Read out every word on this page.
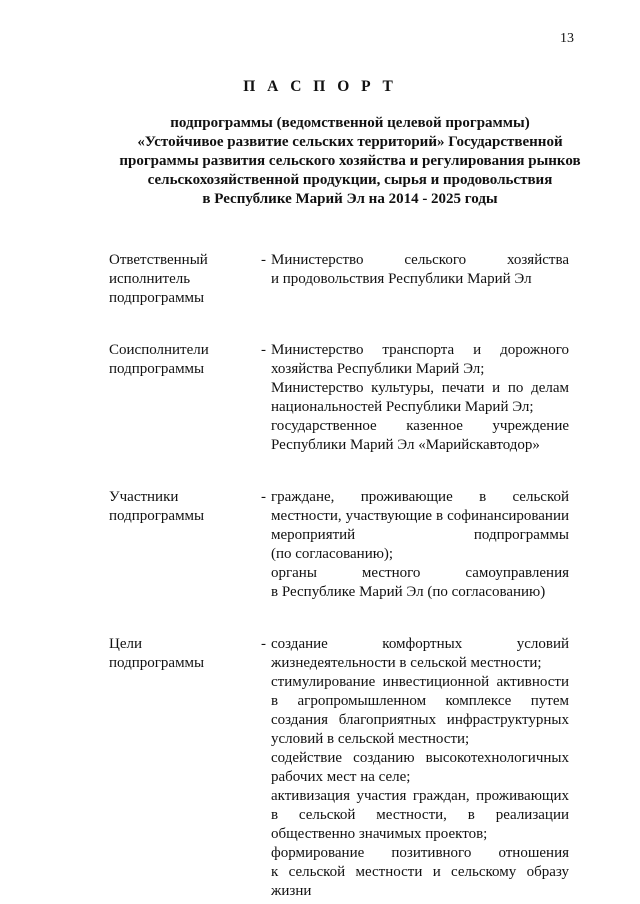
13
П А С П О Р Т
подпрограммы (ведомственной целевой программы)
«Устойчивое развитие сельских территорий» Государственной
программы развития сельского хозяйства и регулирования рынков
сельскохозяйственной продукции, сырья и продовольствия
в Республике Марий Эл на 2014 - 2025 годы
Ответственный
исполнитель
подпрограммы
- Министерство сельского хозяйства
и продовольствия Республики Марий Эл
Соисполнители
подпрограммы
- Министерство транспорта и дорожного
хозяйства Республики Марий Эл;
Министерство культуры, печати и по делам
национальностей Республики Марий Эл;
государственное казенное учреждение
Республики Марий Эл «Марийскавтодор»
Участники
подпрограммы
- граждане, проживающие в сельской
местности, участвующие в софинансировании
мероприятий подпрограммы
(по согласованию);
органы местного самоуправления
в Республике Марий Эл (по согласованию)
Цели
подпрограммы
- создание комфортных условий
жизнедеятельности в сельской местности;
стимулирование инвестиционной активности
в агропромышленном комплексе путем
создания благоприятных инфраструктурных
условий в сельской местности;
содействие созданию высокотехнологичных
рабочих мест на селе;
активизация участия граждан, проживающих
в сельской местности, в реализации
общественно значимых проектов;
формирование позитивного отношения
к сельской местности и сельскому образу
жизни
